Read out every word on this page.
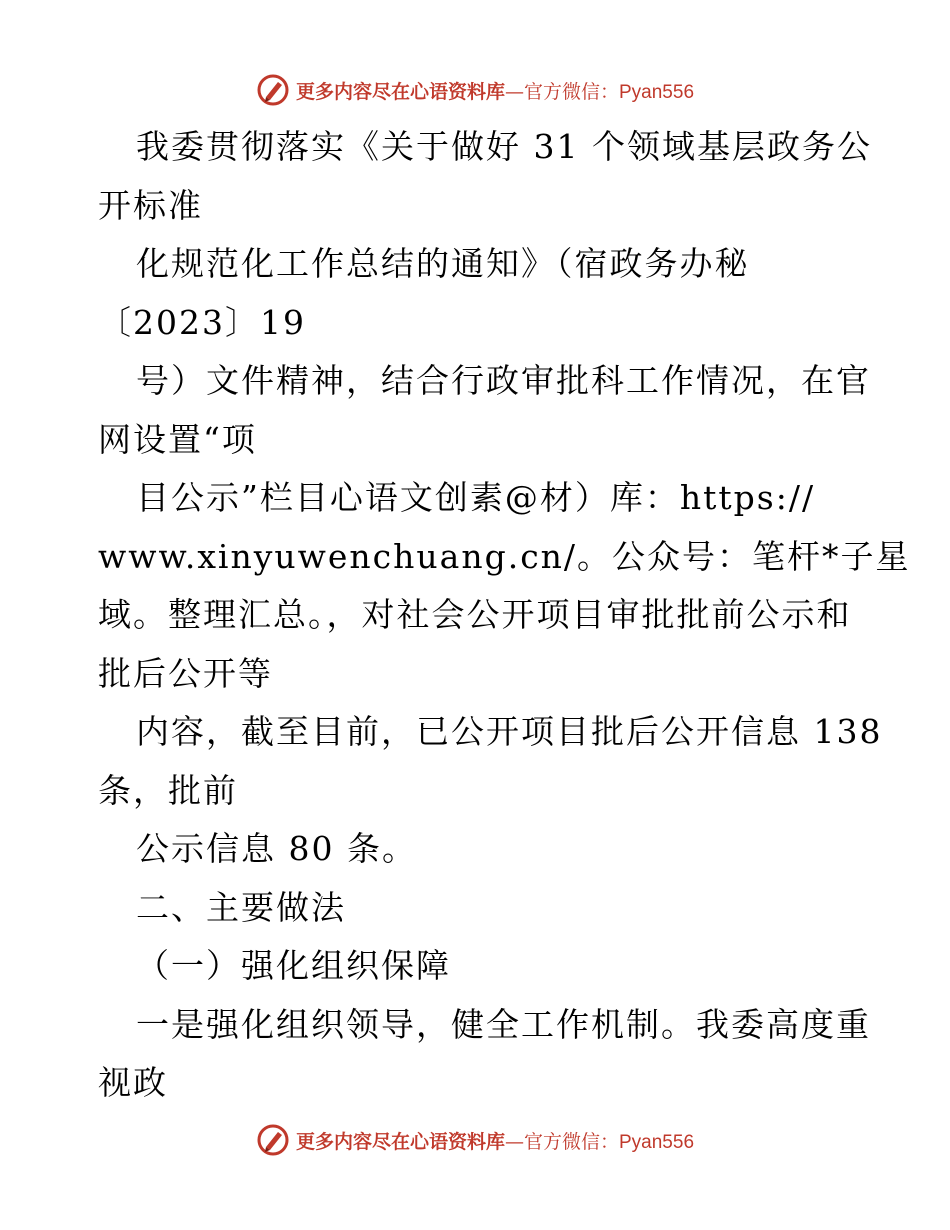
更多内容尽在心语资料库—官方微信：Pyan556
我委贯彻落实《关于做好 31 个领域基层政务公
开标准
化规范化工作总结的通知》（宿政务办秘
〔2023〕19
号）文件精神，结合行政审批科工作情况，在官
网设置“项
目公示”栏目心语文创素@材）库：https://
www.xinyuwenchuang.cn/。公众号：笔杆*子星
域。整理汇总。，对社会公开项目审批批前公示和
批后公开等
内容，截至目前，已公开项目批后公开信息 138
条，批前
公示信息 80 条。
二、主要做法
（一）强化组织保障
一是强化组织领导，健全工作机制。我委高度重
视政
更多内容尽在心语资料库—官方微信：Pyan556
